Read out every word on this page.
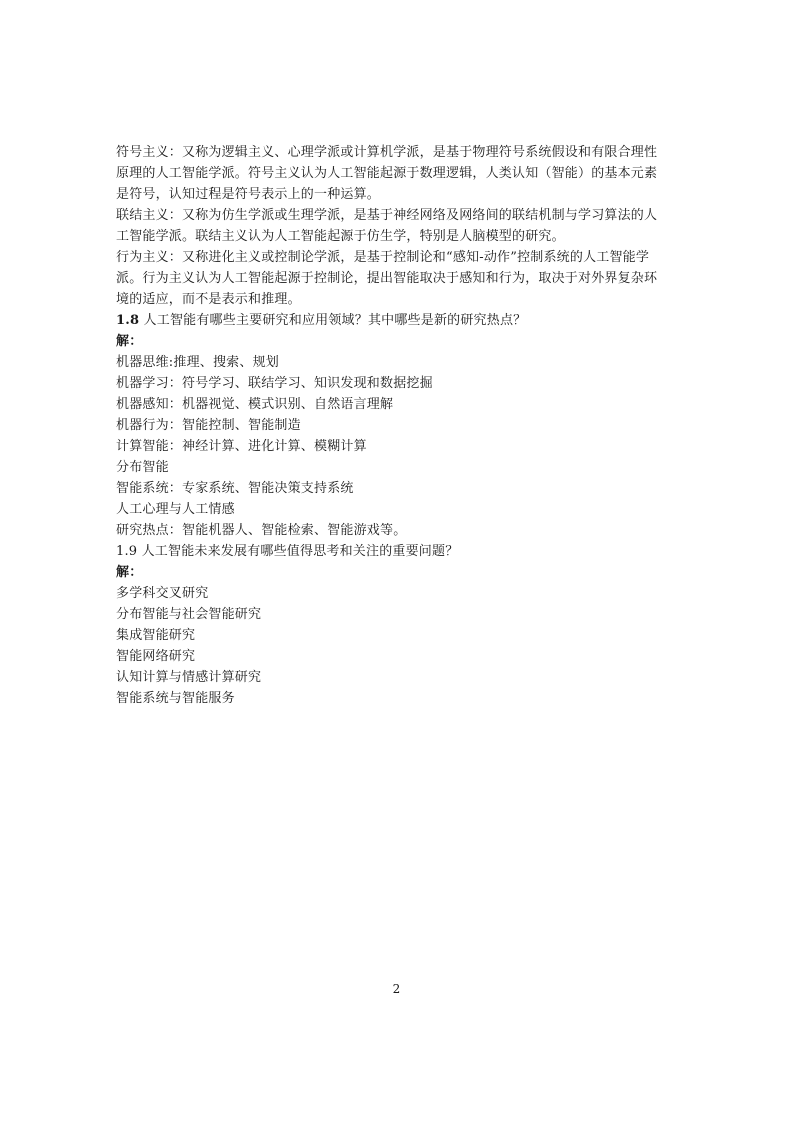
符号主义：又称为逻辑主义、心理学派或计算机学派，是基于物理符号系统假设和有限合理性
原理的人工智能学派。符号主义认为人工智能起源于数理逻辑，人类认知（智能）的基本元素
是符号，认知过程是符号表示上的一种运算。
联结主义：又称为仿生学派或生理学派，是基于神经网络及网络间的联结机制与学习算法的人
工智能学派。联结主义认为人工智能起源于仿生学，特别是人脑模型的研究。
行为主义：又称进化主义或控制论学派，是基于控制论和“感知-动作”控制系统的人工智能学
派。行为主义认为人工智能起源于控制论，提出智能取决于感知和行为，取决于对外界复杂环
境的适应，而不是表示和推理。
1.8 人工智能有哪些主要研究和应用领域？其中哪些是新的研究热点？
解：
机器思维:推理、搜索、规划
机器学习：符号学习、联结学习、知识发现和数据挖掘
机器感知：机器视觉、模式识别、自然语言理解
机器行为：智能控制、智能制造
计算智能：神经计算、进化计算、模糊计算
分布智能
智能系统：专家系统、智能决策支持系统
人工心理与人工情感
研究热点：智能机器人、智能检索、智能游戏等。
1.9 人工智能未来发展有哪些值得思考和关注的重要问题？
解：
多学科交叉研究
分布智能与社会智能研究
集成智能研究
智能网络研究
认知计算与情感计算研究
智能系统与智能服务
2
